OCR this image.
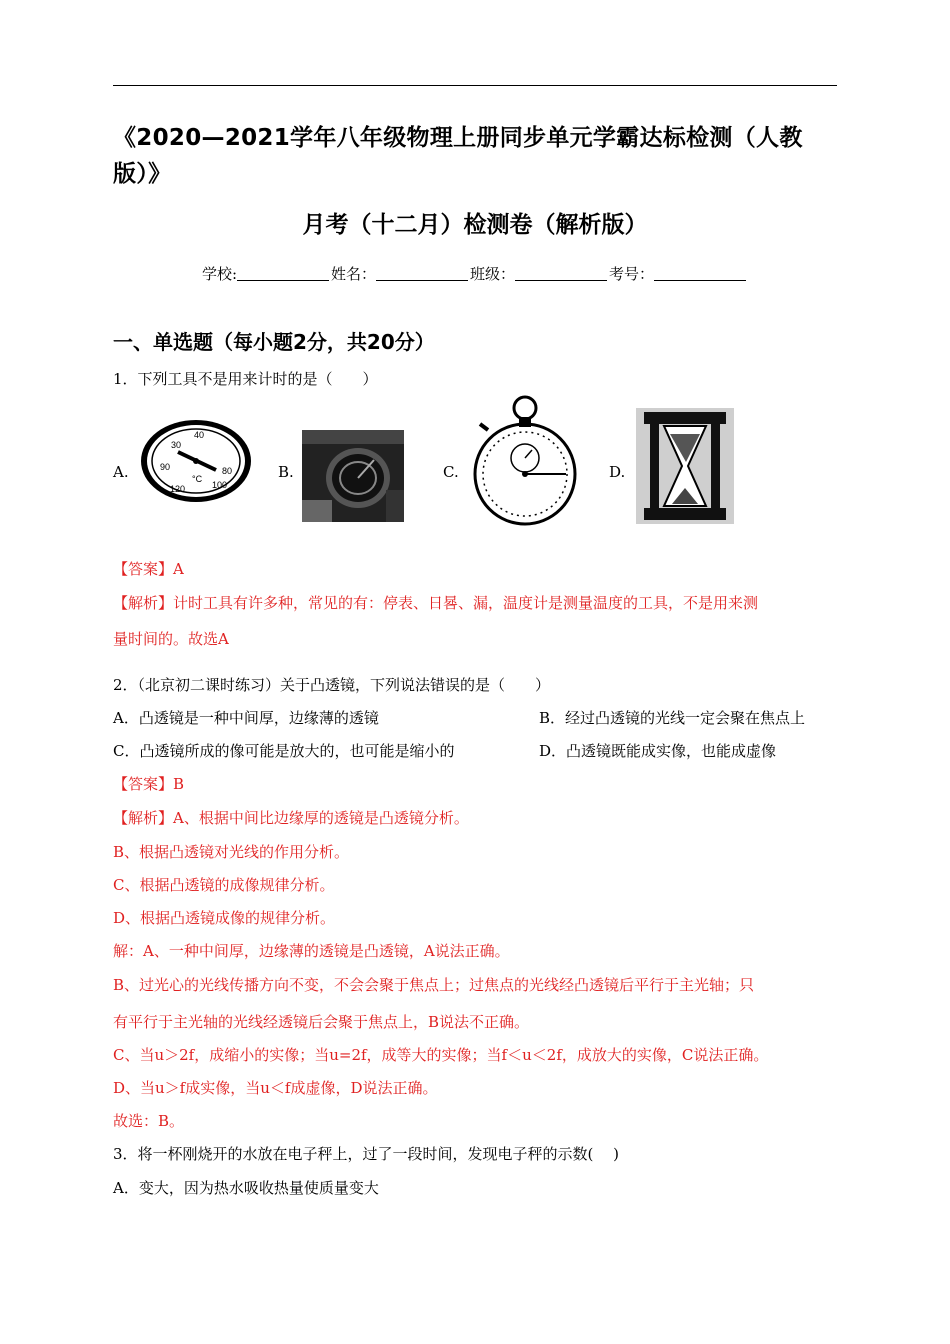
《2020—2021学年八年级物理上册同步单元学霸达标检测（人教
版）》
月考（十二月）检测卷（解析版）
学校:	姓名：	班级：	考号：
一、单选题（每小题2分，共20分）
1．下列工具不是用来计时的是（　　）
A.
30
40
90	80
100
120
°C	B.	C.	D.
【答案】A
【解析】计时工具有许多种，常见的有：停表、日晷、漏，温度计是测量温度的工具，不是用来测
量时间的。故选A
2．（北京初二课时练习）关于凸透镜，下列说法错误的是（　　）
A．凸透镜是一种中间厚，边缘薄的透镜	B．经过凸透镜的光线一定会聚在焦点上
C．凸透镜所成的像可能是放大的，也可能是缩小的	D．凸透镜既能成实像，也能成虚像
【答案】B
【解析】A、根据中间比边缘厚的透镜是凸透镜分析。
B、根据凸透镜对光线的作用分析。
C、根据凸透镜的成像规律分析。
D、根据凸透镜成像的规律分析。
解：A、一种中间厚，边缘薄的透镜是凸透镜，A说法正确。
B、过光心的光线传播方向不变，不会会聚于焦点上；过焦点的光线经凸透镜后平行于主光轴；只
有平行于主光轴的光线经透镜后会聚于焦点上，B说法不正确。
C、当u＞2f，成缩小的实像；当u=2f，成等大的实像；当f＜u＜2f，成放大的实像，C说法正确。
D、当u＞f成实像，当u＜f成虚像，D说法正确。
故选：B。
3．将一杯刚烧开的水放在电子秤上，过了一段时间，发现电子秤的示数(　 )
A．变大，因为热水吸收热量使质量变大
